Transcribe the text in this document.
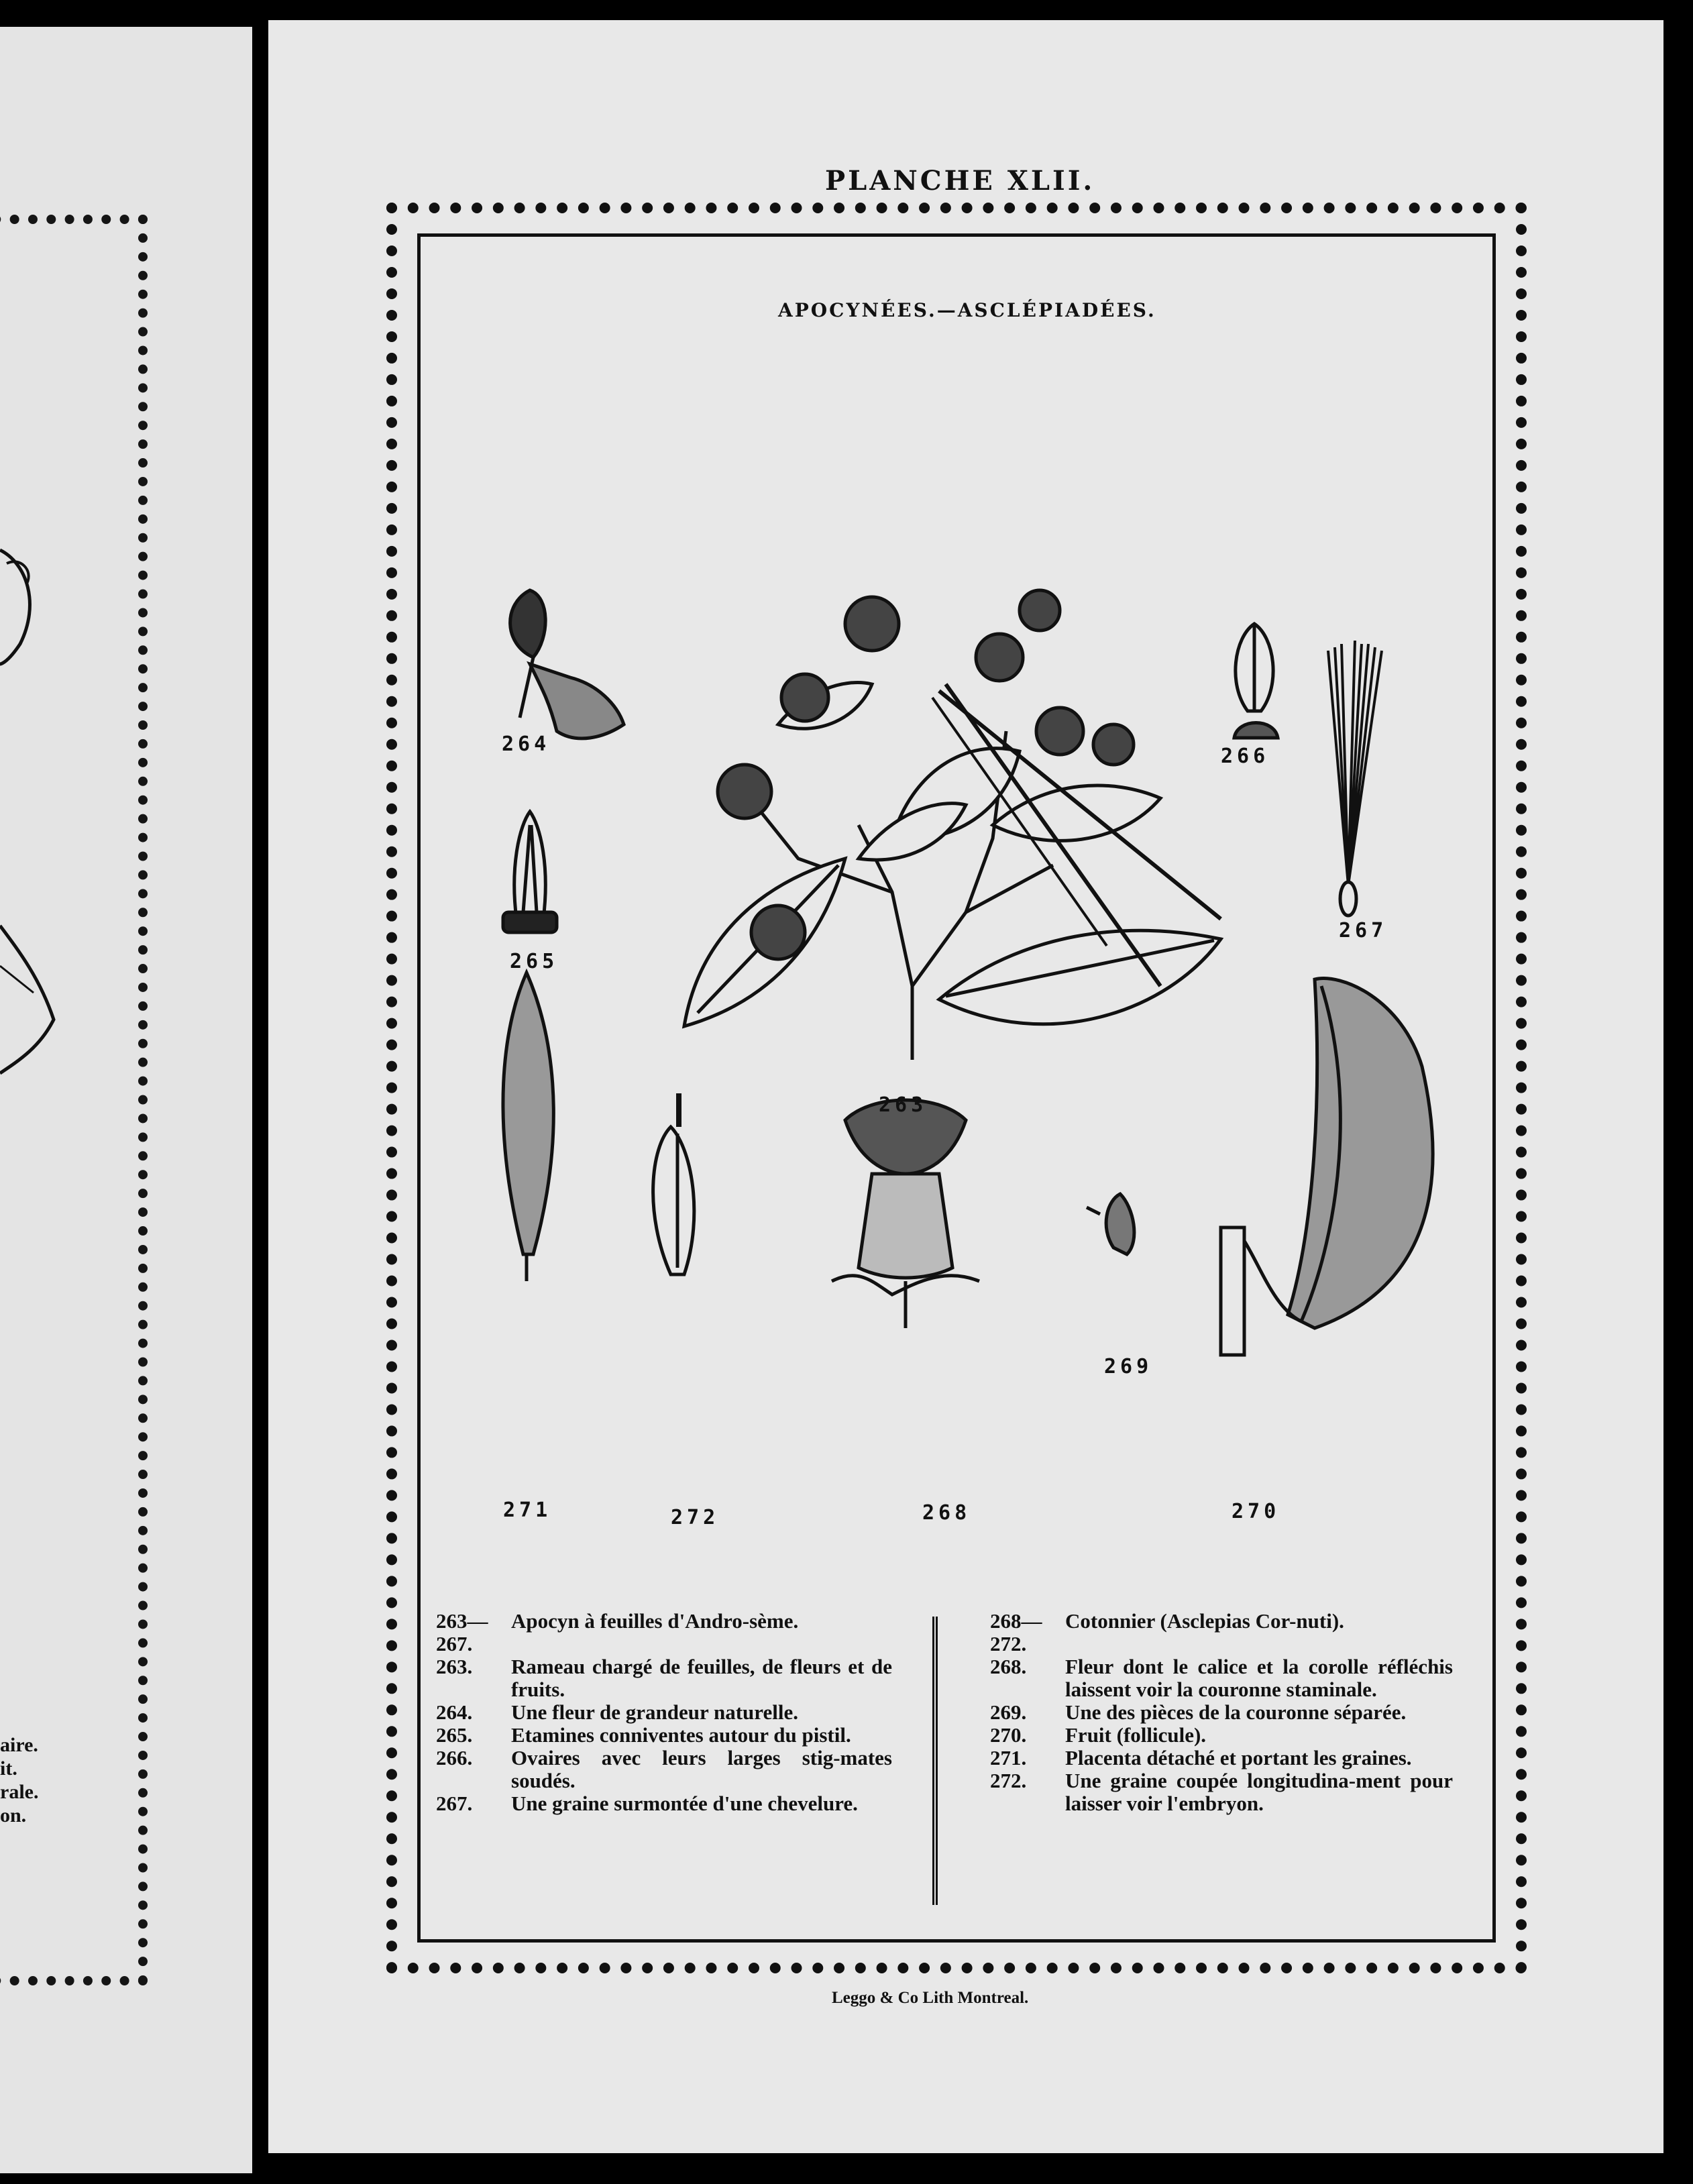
aire.
it.
rale.
on.
PLANCHE XLII.
APOCYNÉES.—ASCLÉPIADÉES.
264
266
265
267
263
271	272	268
269
270
263—267.
Apocyn à feuilles d'Andro-sème.
263.	Rameau chargé de feuilles, de fleurs et de fruits.
264.	Une fleur de grandeur naturelle.
265.	Etamines conniventes autour du pistil.
266.	Ovaires avec leurs larges stig-mates soudés.
267.	Une graine surmontée d'une chevelure.
268—272.
Cotonnier (Asclepias Cor-nuti).
268.	Fleur dont le calice et la corolle réfléchis laissent voir la couronne staminale.
269.	Une des pièces de la couronne séparée.
270.	Fruit (follicule).
271.	Placenta détaché et portant les graines.
272.	Une graine coupée longitudina-ment pour laisser voir l'embryon.
Leggo & Co Lith Montreal.
